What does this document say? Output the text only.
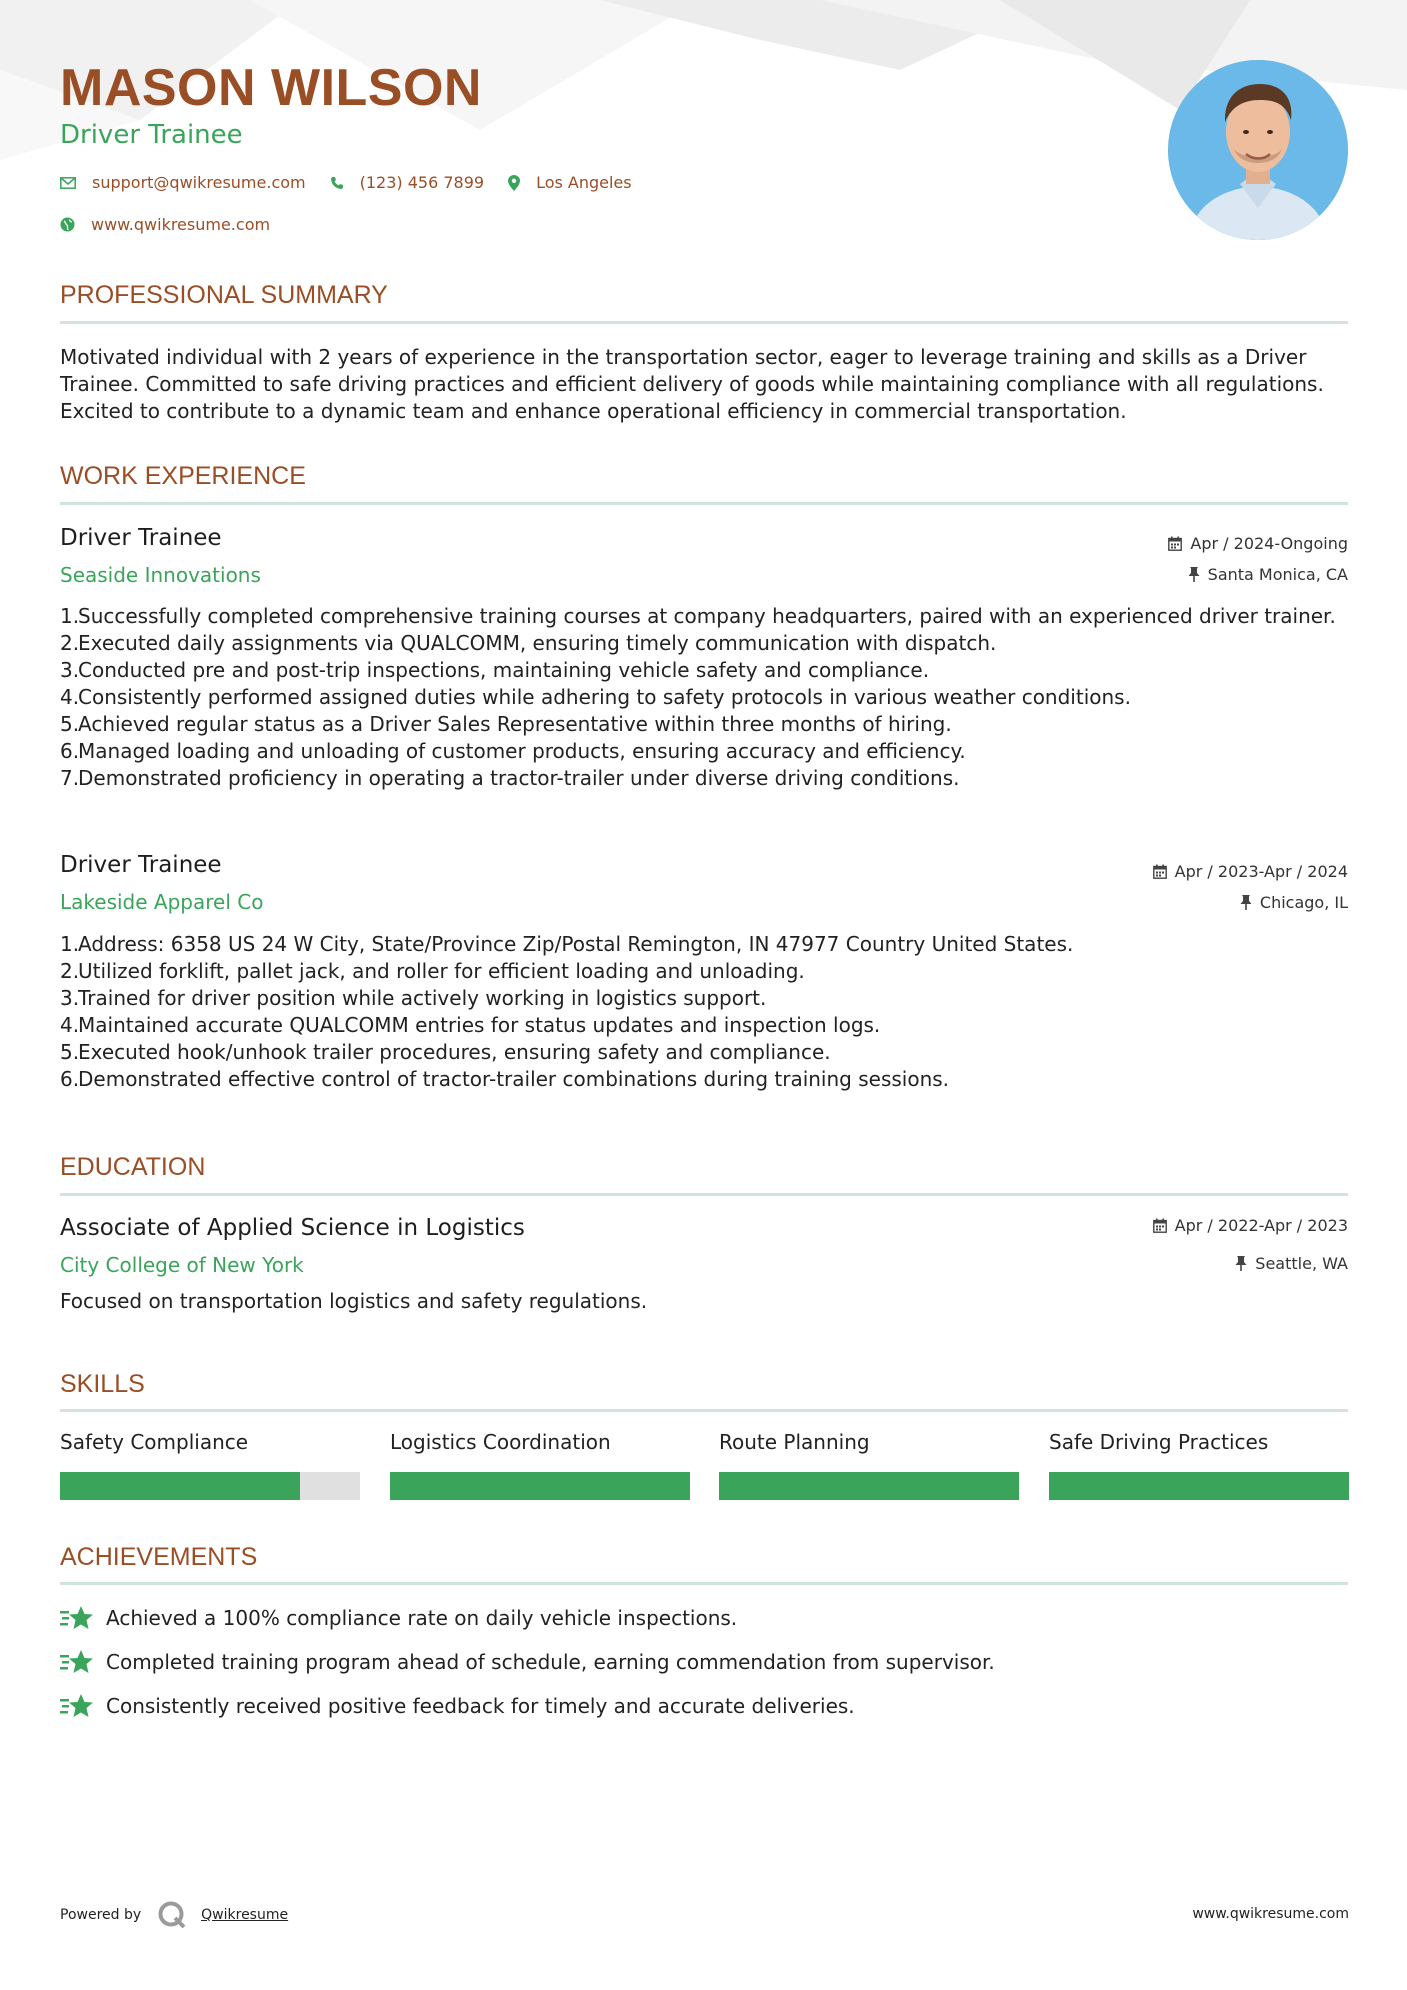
MASON WILSON
Driver Trainee
support@qwikresume.com	(123) 456 7899	Los Angeles
www.qwikresume.com
PROFESSIONAL SUMMARY
Motivated individual with 2 years of experience in the transportation sector, eager to leverage training and skills as a Driver Trainee. Committed to safe driving practices and efficient delivery of goods while maintaining compliance with all regulations. Excited to contribute to a dynamic team and enhance operational efficiency in commercial transportation.
WORK EXPERIENCE
Driver Trainee
Seaside Innovations
Apr / 2024-Ongoing
Santa Monica, CA
1.
Successfully completed comprehensive training courses at company headquarters, paired with an experienced driver trainer.
2.
Executed daily assignments via QUALCOMM, ensuring timely communication with dispatch.
3.
Conducted pre and post-trip inspections, maintaining vehicle safety and compliance.
4.
Consistently performed assigned duties while adhering to safety protocols in various weather conditions.
5.
Achieved regular status as a Driver Sales Representative within three months of hiring.
6.
Managed loading and unloading of customer products, ensuring accuracy and efficiency.
7.
Demonstrated proficiency in operating a tractor-trailer under diverse driving conditions.
Driver Trainee
Lakeside Apparel Co
Apr / 2023-Apr / 2024
Chicago, IL
1.
Address: 6358 US 24 W City, State/Province Zip/Postal Remington, IN 47977 Country United States.
2.
Utilized forklift, pallet jack, and roller for efficient loading and unloading.
3.
Trained for driver position while actively working in logistics support.
4.
Maintained accurate QUALCOMM entries for status updates and inspection logs.
5.
Executed hook/unhook trailer procedures, ensuring safety and compliance.
6.
Demonstrated effective control of tractor-trailer combinations during training sessions.
EDUCATION
Associate of Applied Science in Logistics
City College of New York
Apr / 2022-Apr / 2023
Seattle, WA
Focused on transportation logistics and safety regulations.
SKILLS
Safety Compliance	Logistics Coordination	Route Planning	Safe Driving Practices
ACHIEVEMENTS
Achieved a 100% compliance rate on daily vehicle inspections.
Completed training program ahead of schedule, earning commendation from supervisor.
Consistently received positive feedback for timely and accurate deliveries.
Powered by	Qwikresume	www.qwikresume.com
